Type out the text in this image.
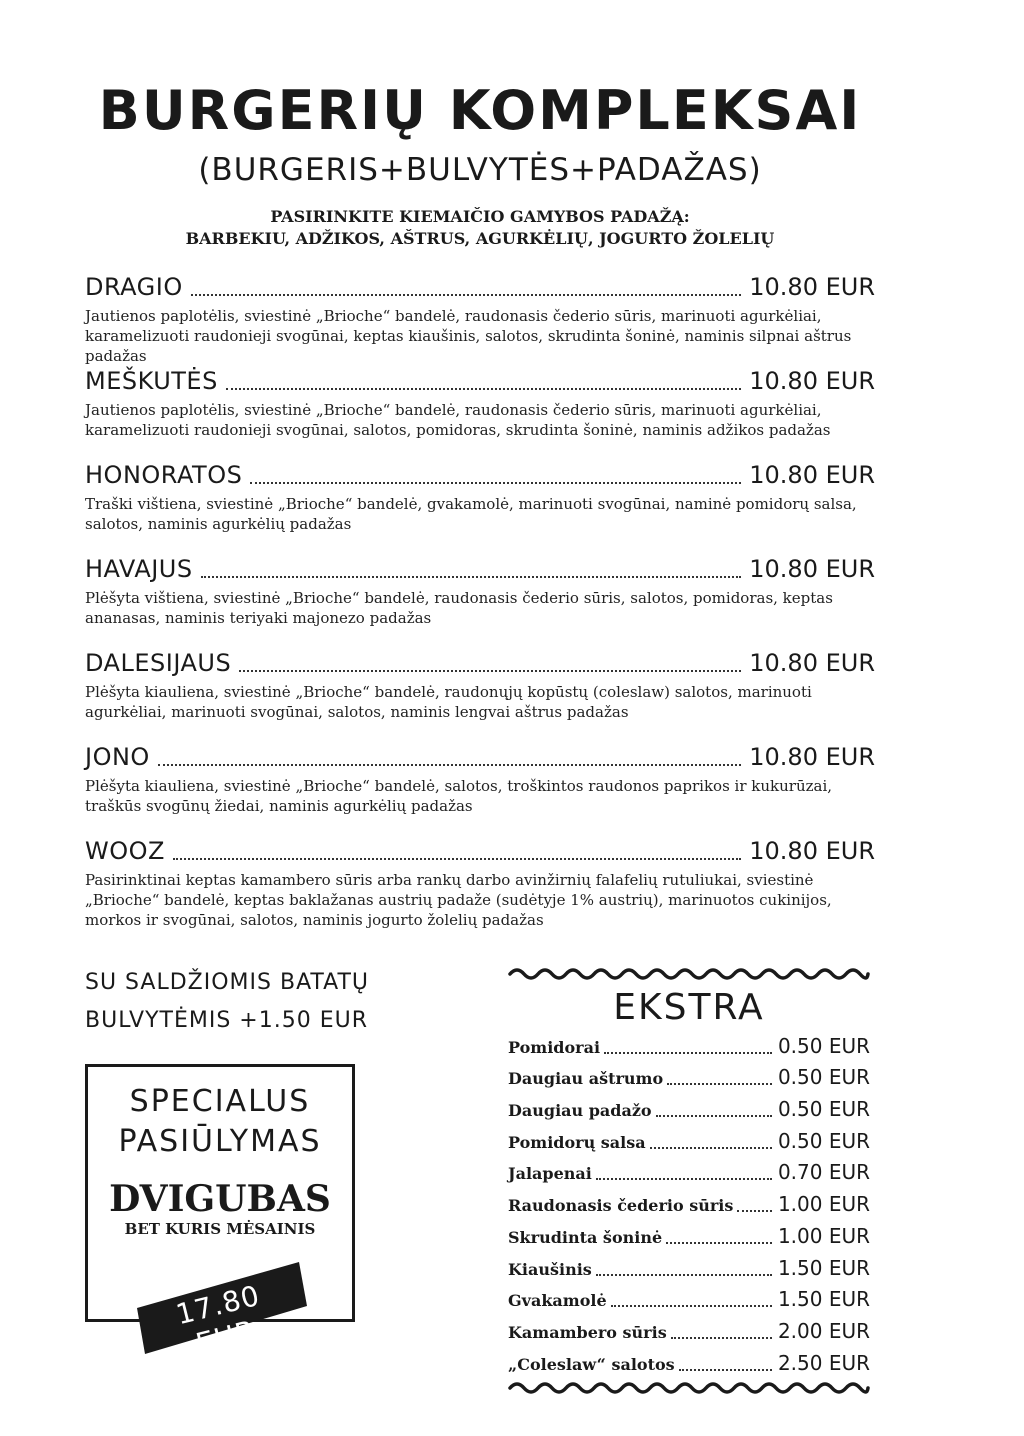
BURGERIŲ KOMPLEKSAI
(BURGERIS+BULVYTĖS+PADAŽAS)
PASIRINKITE KIEMAIČIO GAMYBOS PADAŽĄ:
BARBEKIU, ADŽIKOS, AŠTRUS, AGURKĖLIŲ, JOGURTO ŽOLELIŲ
DRAGIO	10.80 EUR
Jautienos paplotėlis, sviestinė „Brioche“ bandelė, raudonasis čederio sūris, marinuoti agurkėliai, karamelizuoti raudonieji svogūnai, keptas kiaušinis, salotos, skrudinta šoninė, naminis silpnai aštrus padažas
MEŠKUTĖS	10.80 EUR
Jautienos paplotėlis, sviestinė „Brioche“ bandelė, raudonasis čederio sūris, marinuoti agurkėliai, karamelizuoti raudonieji svogūnai, salotos, pomidoras, skrudinta šoninė, naminis adžikos padažas
HONORATOS	10.80 EUR
Traški vištiena, sviestinė „Brioche“ bandelė, gvakamolė, marinuoti svogūnai, naminė pomidorų salsa, salotos, naminis agurkėlių padažas
HAVAJUS	10.80 EUR
Plėšyta vištiena, sviestinė „Brioche“ bandelė, raudonasis čederio sūris, salotos, pomidoras, keptas ananasas, naminis teriyaki majonezo padažas
DALESIJAUS	10.80 EUR
Plėšyta kiauliena, sviestinė „Brioche“ bandelė, raudonųjų kopūstų (coleslaw) salotos, marinuoti agurkėliai, marinuoti svogūnai, salotos, naminis lengvai aštrus padažas
JONO	10.80 EUR
Plėšyta kiauliena, sviestinė „Brioche“ bandelė, salotos, troškintos raudonos paprikos ir kukurūzai, traškūs svogūnų žiedai, naminis agurkėlių padažas
WOOZ	10.80 EUR
Pasirinktinai keptas kamambero sūris arba rankų darbo avinžirnių falafelių rutuliukai, sviestinė „Brioche“ bandelė, keptas baklažanas austrių padaže (sudėtyje 1% austrių), marinuotos cukinijos, morkos ir svogūnai, salotos, naminis jogurto žolelių padažas
SU SALDŽIOMIS BATATŲ
BULVYTĖMIS +1.50 EUR
SPECIALUS
PASIŪLYMAS
DVIGUBAS
BET KURIS MĖSAINIS
17.80 EUR
EKSTRA
Pomidorai	0.50 EUR
Daugiau aštrumo	0.50 EUR
Daugiau padažo	0.50 EUR
Pomidorų salsa	0.50 EUR
Jalapenai	0.70 EUR
Raudonasis čederio sūris 1.00 EUR
Skrudinta šoninė	1.00 EUR
Kiaušinis	1.50 EUR
Gvakamolė	1.50 EUR
Kamambero sūris	2.00 EUR
„Coleslaw“ salotos	2.50 EUR
